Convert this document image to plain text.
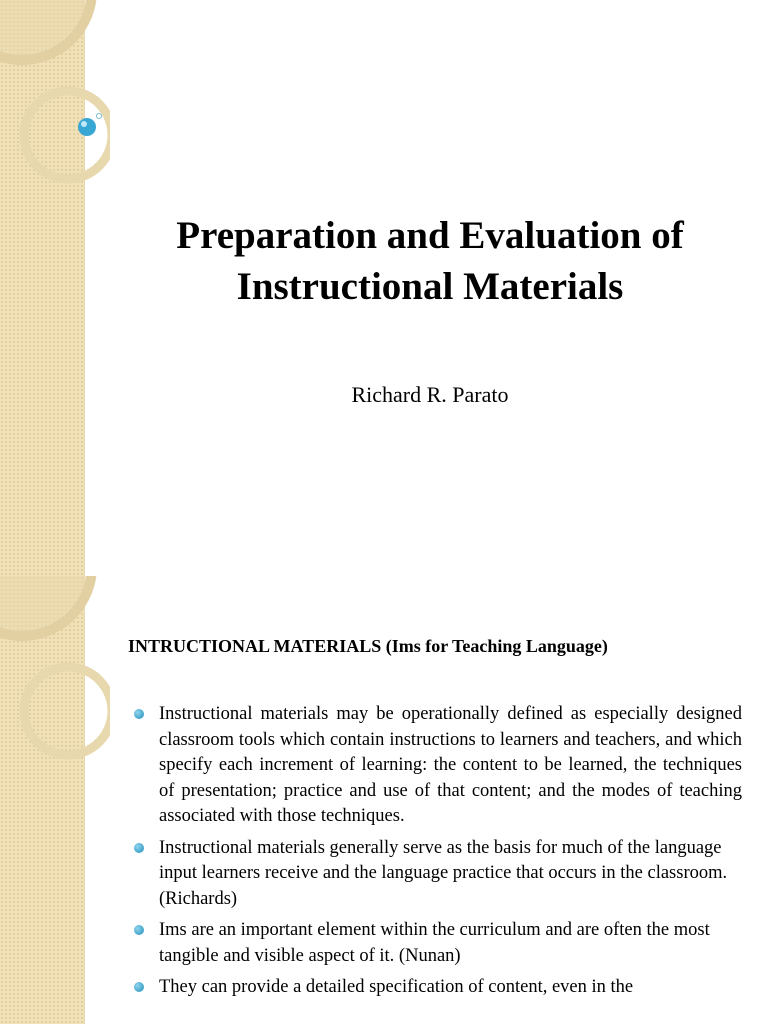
Preparation and Evaluation of
Instructional Materials
Richard R. Parato
INTRUCTIONAL MATERIALS (Ims for Teaching Language)
Instructional materials may be operationally defined as especially designed classroom tools which contain instructions to learners and teachers, and which specify each increment of learning: the content to be learned, the techniques of presentation; practice and use of that content; and the modes of teaching associated with those techniques.
Instructional materials generally serve as the basis for much of the language input learners receive and the language practice that occurs in the classroom.(Richards)
Ims are an important element within the curriculum and are often the most tangible and visible aspect of it. (Nunan)
They can provide a detailed specification of content, even in the
